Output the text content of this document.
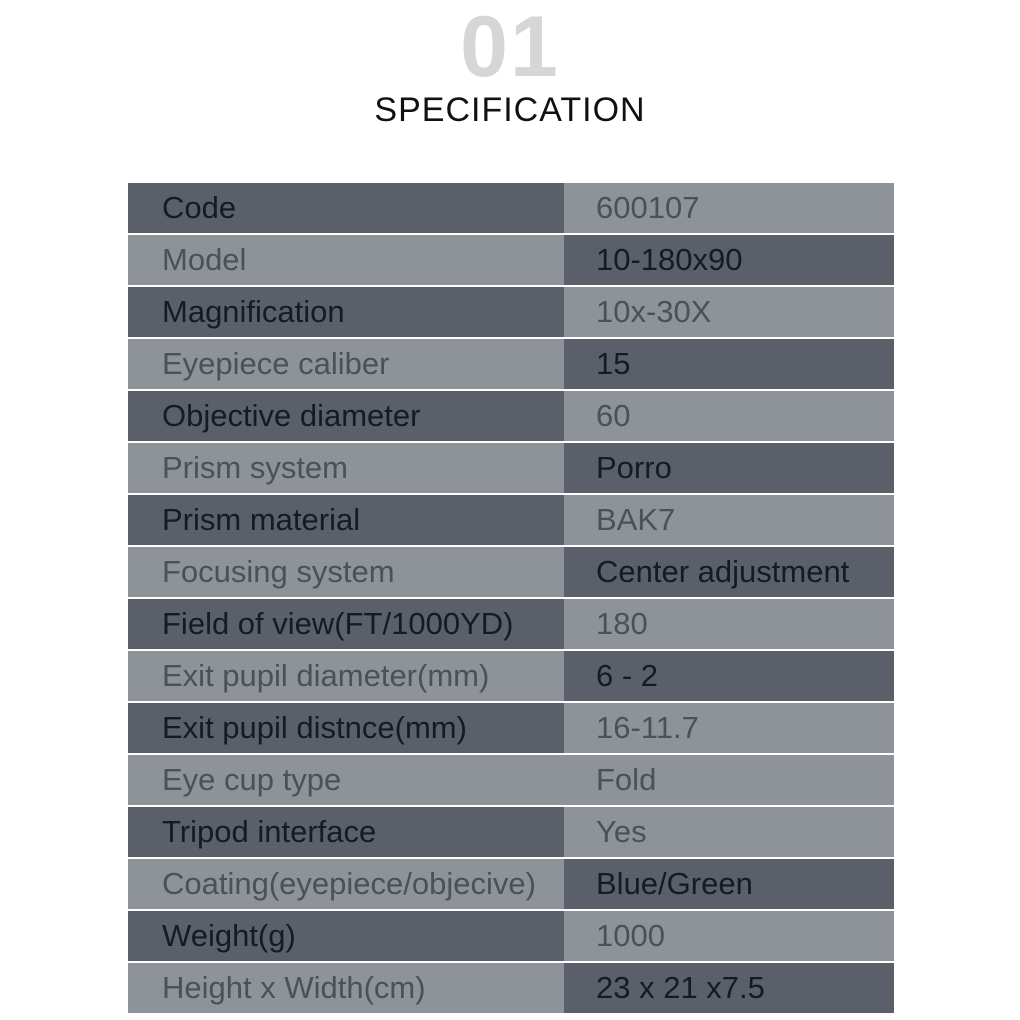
01
SPECIFICATION
Code	600107
Model	10-180x90
Magnification	10x-30X
Eyepiece caliber	15
Objective diameter	60
Prism system	Porro
Prism material	BAK7
Focusing system	Center adjustment
Field of view(FT/1000YD)	180
Exit pupil diameter(mm)	6 - 2
Exit pupil distnce(mm)	16-11.7
Eye cup type	Fold
Tripod interface	Yes
Coating(eyepiece/objecive)	Blue/Green
Weight(g)	1000
Height x Width(cm)	23 x 21 x7.5
